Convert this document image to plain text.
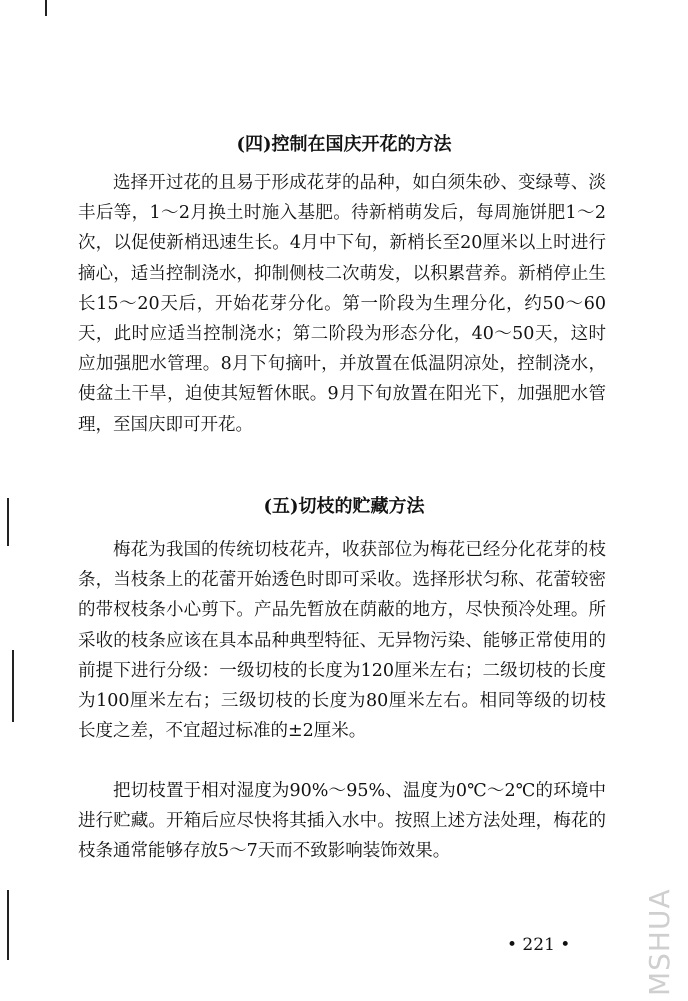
(四)控制在国庆开花的方法

选择开过花的且易于形成花芽的品种，如白须朱砂、变绿萼、淡丰后等，1～2月换土时施入基肥。待新梢萌发后，每周施饼肥1～2次，以促使新梢迅速生长。4月中下旬，新梢长至20厘米以上时进行摘心，适当控制浇水，抑制侧枝二次萌发，以积累营养。新梢停止生长15～20天后，开始花芽分化。第一阶段为生理分化，约50～60天，此时应适当控制浇水；第二阶段为形态分化，40～50天，这时应加强肥水管理。8月下旬摘叶，并放置在低温阴凉处，控制浇水，使盆土干旱，迫使其短暂休眠。9月下旬放置在阳光下，加强肥水管理，至国庆即可开花。

(五)切枝的贮藏方法

梅花为我国的传统切枝花卉，收获部位为梅花已经分化花芽的枝条，当枝条上的花蕾开始透色时即可采收。选择形状匀称、花蕾较密的带杈枝条小心剪下。产品先暂放在荫蔽的地方，尽快预冷处理。所采收的枝条应该在具本品种典型特征、无异物污染、能够正常使用的前提下进行分级：一级切枝的长度为120厘米左右；二级切枝的长度为100厘米左右；三级切枝的长度为80厘米左右。相同等级的切枝长度之差，不宜超过标准的±2厘米。

把切枝置于相对湿度为90%～95%、温度为0℃～2℃的环境中进行贮藏。开箱后应尽快将其插入水中。按照上述方法处理，梅花的枝条通常能够存放5～7天而不致影响装饰效果。

• 221 •	MSHUA
